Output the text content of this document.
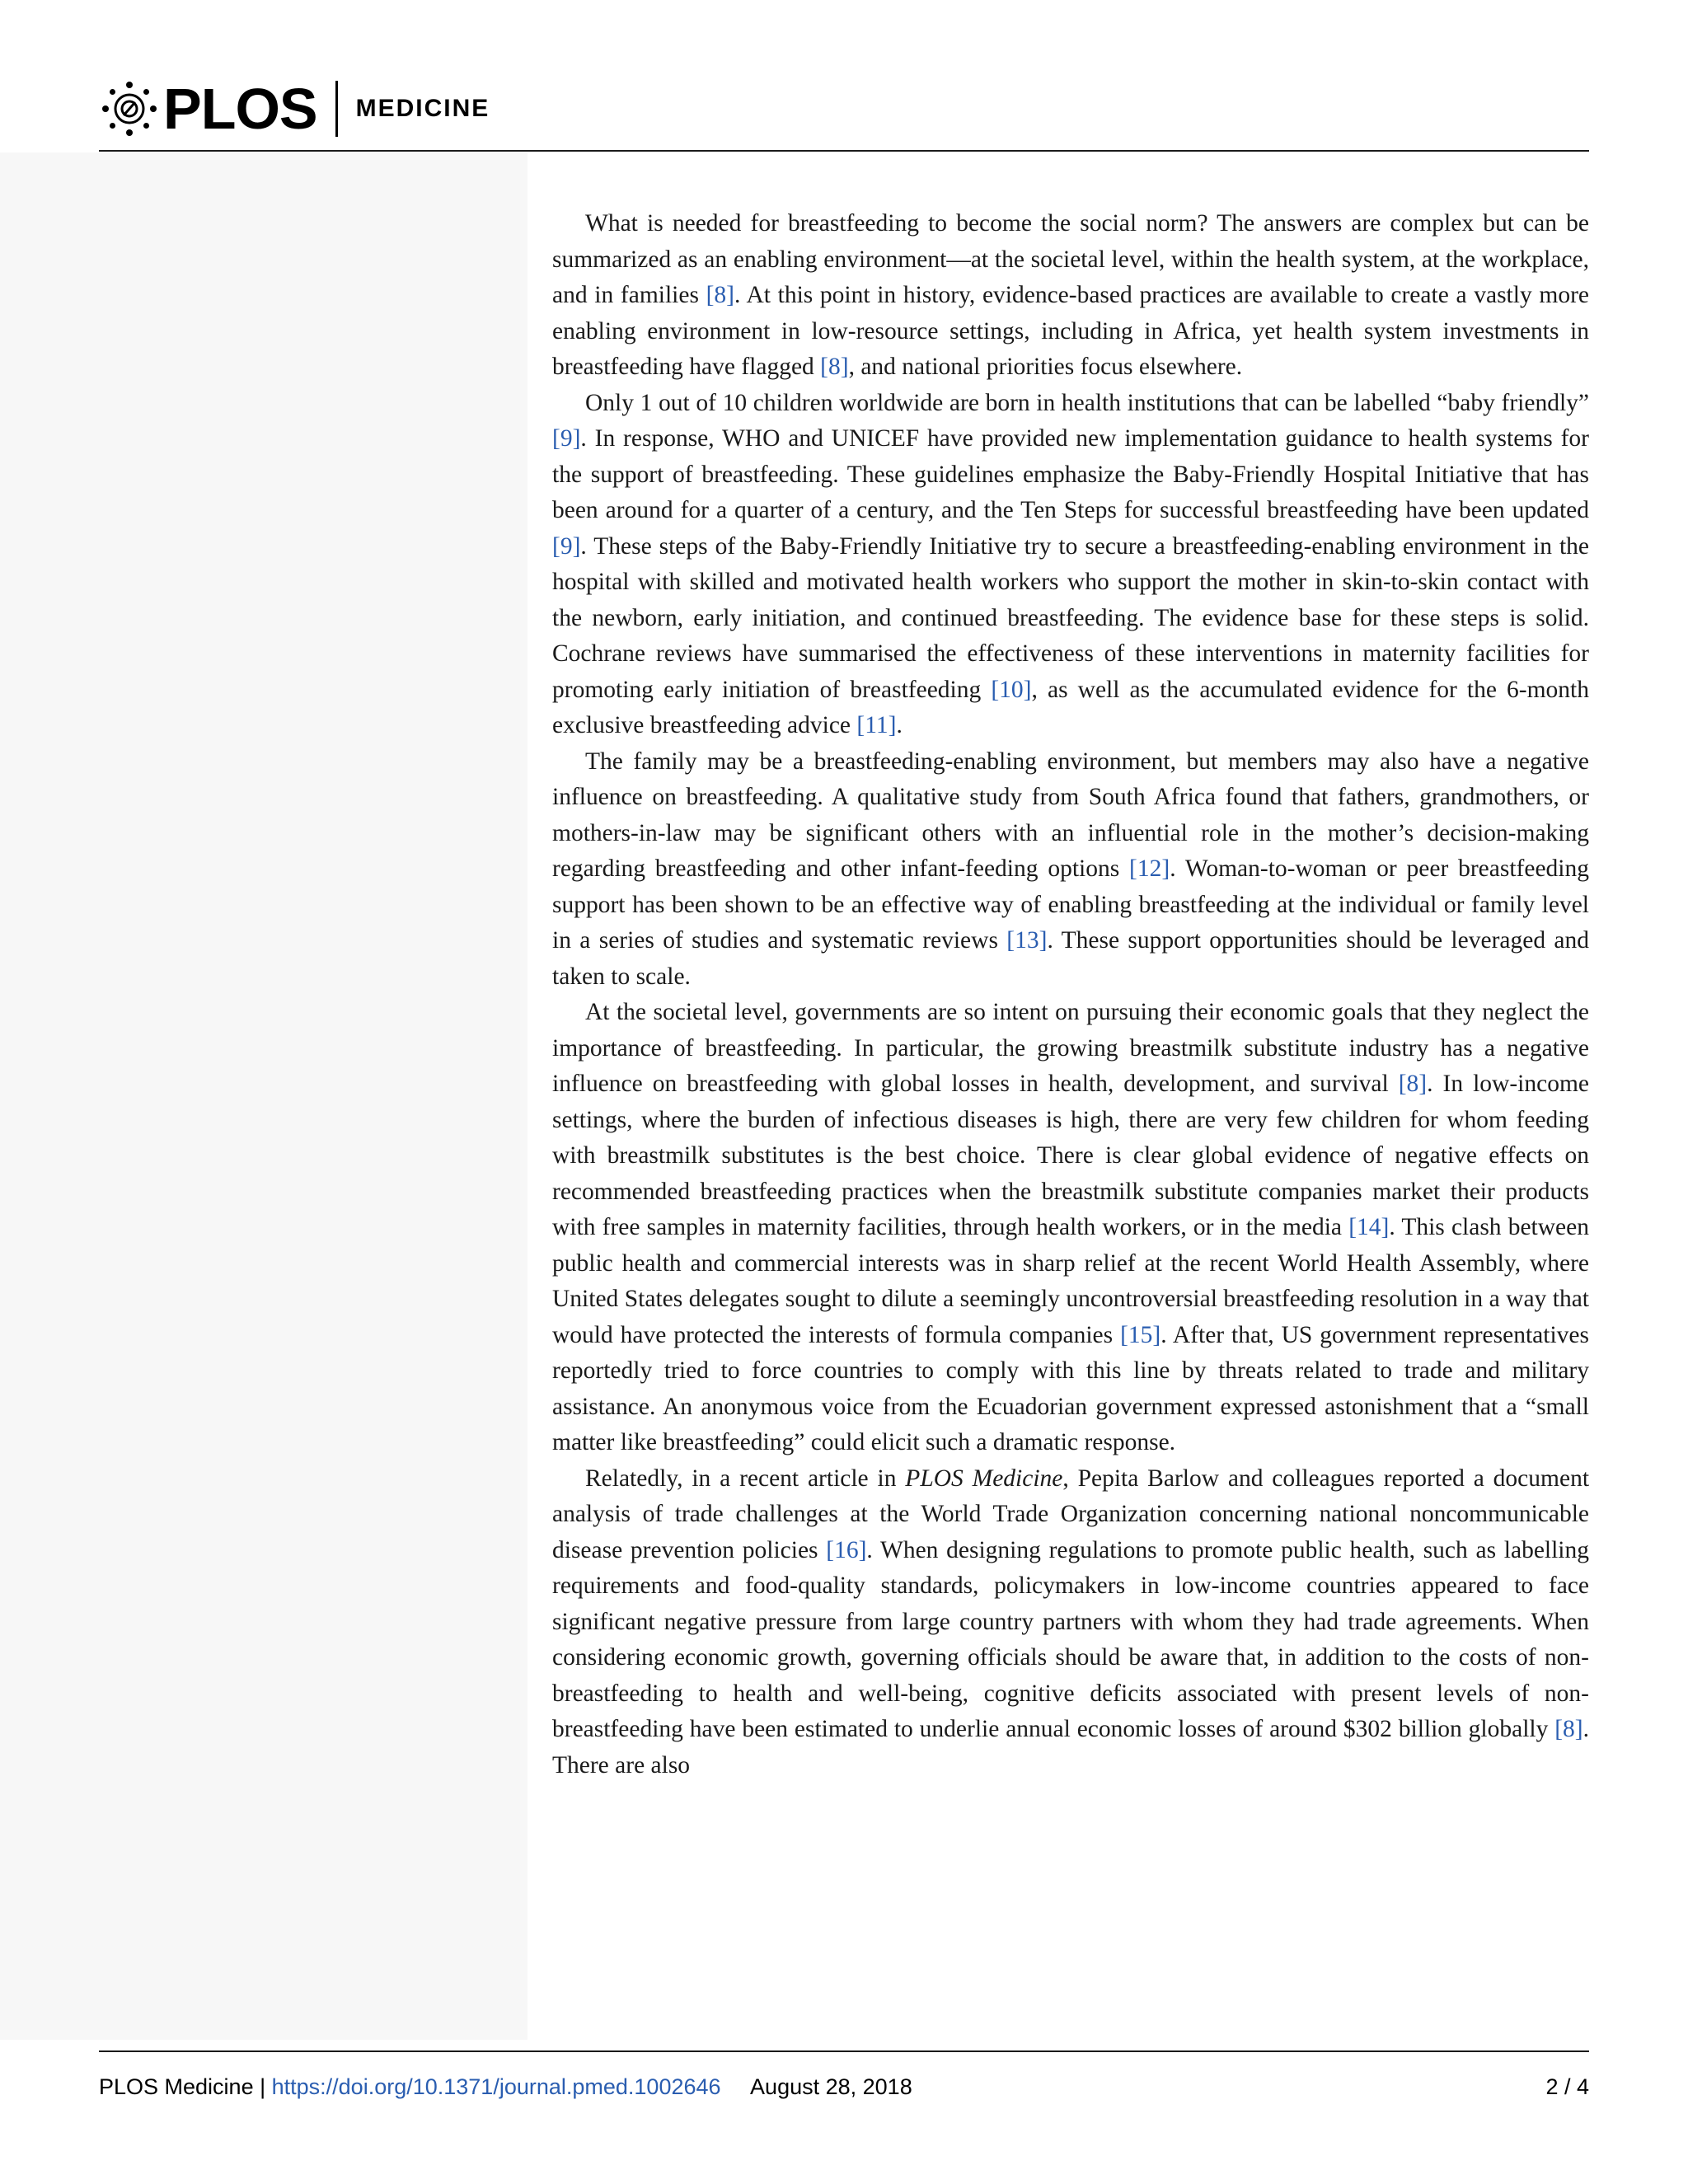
PLOS MEDICINE

What is needed for breastfeeding to become the social norm? The answers are complex but can be summarized as an enabling environment—at the societal level, within the health system, at the workplace, and in families [8]. At this point in history, evidence-based practices are available to create a vastly more enabling environment in low-resource settings, including in Africa, yet health system investments in breastfeeding have flagged [8], and national priorities focus elsewhere.

Only 1 out of 10 children worldwide are born in health institutions that can be labelled “baby friendly” [9]. In response, WHO and UNICEF have provided new implementation guidance to health systems for the support of breastfeeding. These guidelines emphasize the Baby-Friendly Hospital Initiative that has been around for a quarter of a century, and the Ten Steps for successful breastfeeding have been updated [9]. These steps of the Baby-Friendly Initiative try to secure a breastfeeding-enabling environment in the hospital with skilled and motivated health workers who support the mother in skin-to-skin contact with the newborn, early initiation, and continued breastfeeding. The evidence base for these steps is solid. Cochrane reviews have summarised the effectiveness of these interventions in maternity facilities for promoting early initiation of breastfeeding [10], as well as the accumulated evidence for the 6-month exclusive breastfeeding advice [11].

The family may be a breastfeeding-enabling environment, but members may also have a negative influence on breastfeeding. A qualitative study from South Africa found that fathers, grandmothers, or mothers-in-law may be significant others with an influential role in the mother’s decision-making regarding breastfeeding and other infant-feeding options [12]. Woman-to-woman or peer breastfeeding support has been shown to be an effective way of enabling breastfeeding at the individual or family level in a series of studies and systematic reviews [13]. These support opportunities should be leveraged and taken to scale.

At the societal level, governments are so intent on pursuing their economic goals that they neglect the importance of breastfeeding. In particular, the growing breastmilk substitute industry has a negative influence on breastfeeding with global losses in health, development, and survival [8]. In low-income settings, where the burden of infectious diseases is high, there are very few children for whom feeding with breastmilk substitutes is the best choice. There is clear global evidence of negative effects on recommended breastfeeding practices when the breastmilk substitute companies market their products with free samples in maternity facilities, through health workers, or in the media [14]. This clash between public health and commercial interests was in sharp relief at the recent World Health Assembly, where United States delegates sought to dilute a seemingly uncontroversial breastfeeding resolution in a way that would have protected the interests of formula companies [15]. After that, US government representatives reportedly tried to force countries to comply with this line by threats related to trade and military assistance. An anonymous voice from the Ecuadorian government expressed astonishment that a “small matter like breastfeeding” could elicit such a dramatic response.

Relatedly, in a recent article in PLOS Medicine, Pepita Barlow and colleagues reported a document analysis of trade challenges at the World Trade Organization concerning national noncommunicable disease prevention policies [16]. When designing regulations to promote public health, such as labelling requirements and food-quality standards, policymakers in low-income countries appeared to face significant negative pressure from large country partners with whom they had trade agreements. When considering economic growth, governing officials should be aware that, in addition to the costs of non-breastfeeding to health and well-being, cognitive deficits associated with present levels of non-breastfeeding have been estimated to underlie annual economic losses of around $302 billion globally [8]. There are also

PLOS Medicine | https://doi.org/10.1371/journal.pmed.1002646 August 28, 2018	2 / 4
